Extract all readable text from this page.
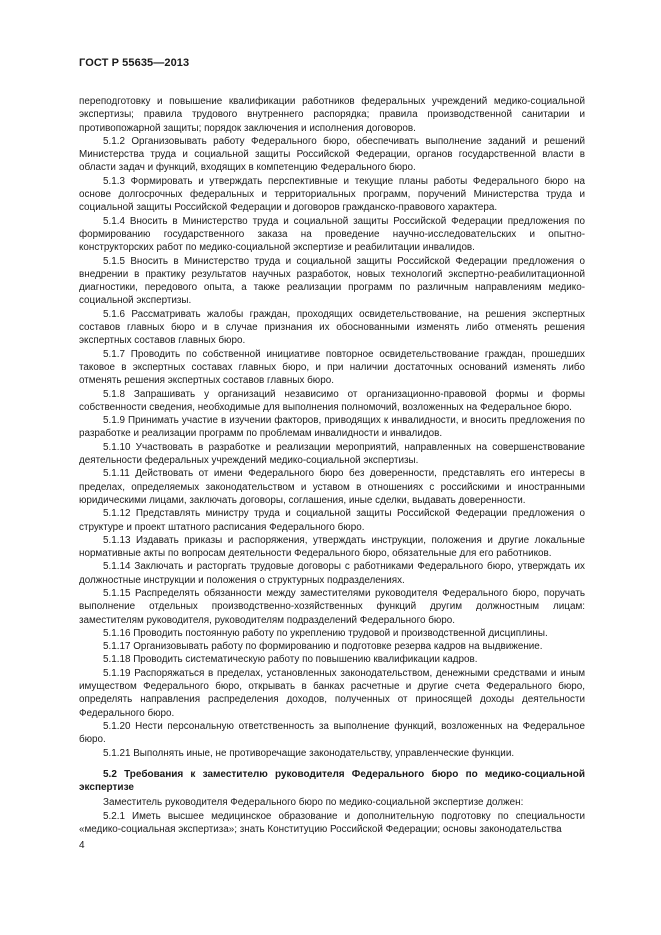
ГОСТ Р 55635—2013

переподготовку и повышение квалификации работников федеральных учреждений медико-социальной экспертизы; правила трудового внутреннего распорядка; правила производственной санитарии и противопожарной защиты; порядок заключения и исполнения договоров.

5.1.2 Организовывать работу Федерального бюро, обеспечивать выполнение заданий и решений Министерства труда и социальной защиты Российской Федерации, органов государственной власти в области задач и функций, входящих в компетенцию Федерального бюро.

5.1.3 Формировать и утверждать перспективные и текущие планы работы Федерального бюро на основе долгосрочных федеральных и территориальных программ, поручений Министерства труда и социальной защиты Российской Федерации и договоров гражданско-правового характера.

5.1.4 Вносить в Министерство труда и социальной защиты Российской Федерации предложения по формированию государственного заказа на проведение научно-исследовательских и опытно-конструкторских работ по медико-социальной экспертизе и реабилитации инвалидов.

5.1.5 Вносить в Министерство труда и социальной защиты Российской Федерации предложения о внедрении в практику результатов научных разработок, новых технологий экспертно-реабилитационной диагностики, передового опыта, а также реализации программ по различным направлениям медико-социальной экспертизы.

5.1.6 Рассматривать жалобы граждан, проходящих освидетельствование, на решения экспертных составов главных бюро и в случае признания их обоснованными изменять либо отменять решения экспертных составов главных бюро.

5.1.7 Проводить по собственной инициативе повторное освидетельствование граждан, прошедших таковое в экспертных составах главных бюро, и при наличии достаточных оснований изменять либо отменять решения экспертных составов главных бюро.

5.1.8 Запрашивать у организаций независимо от организационно-правовой формы и формы собственности сведения, необходимые для выполнения полномочий, возложенных на Федеральное бюро.

5.1.9 Принимать участие в изучении факторов, приводящих к инвалидности, и вносить предложения по разработке и реализации программ по проблемам инвалидности и инвалидов.

5.1.10 Участвовать в разработке и реализации мероприятий, направленных на совершенствование деятельности федеральных учреждений медико-социальной экспертизы.

5.1.11 Действовать от имени Федерального бюро без доверенности, представлять его интересы в пределах, определяемых законодательством и уставом в отношениях с российскими и иностранными юридическими лицами, заключать договоры, соглашения, иные сделки, выдавать доверенности.

5.1.12 Представлять министру труда и социальной защиты Российской Федерации предложения о структуре и проект штатного расписания Федерального бюро.

5.1.13 Издавать приказы и распоряжения, утверждать инструкции, положения и другие локальные нормативные акты по вопросам деятельности Федерального бюро, обязательные для его работников.

5.1.14 Заключать и расторгать трудовые договоры с работниками Федерального бюро, утверждать их должностные инструкции и положения о структурных подразделениях.

5.1.15 Распределять обязанности между заместителями руководителя Федерального бюро, поручать выполнение отдельных производственно-хозяйственных функций другим должностным лицам: заместителям руководителя, руководителям подразделений Федерального бюро.

5.1.16 Проводить постоянную работу по укреплению трудовой и производственной дисциплины.

5.1.17 Организовывать работу по формированию и подготовке резерва кадров на выдвижение.

5.1.18 Проводить систематическую работу по повышению квалификации кадров.

5.1.19 Распоряжаться в пределах, установленных законодательством, денежными средствами и иным имуществом Федерального бюро, открывать в банках расчетные и другие счета Федерального бюро, определять направления распределения доходов, полученных от приносящей доходы деятельности Федерального бюро.

5.1.20 Нести персональную ответственность за выполнение функций, возложенных на Федеральное бюро.

5.1.21 Выполнять иные, не противоречащие законодательству, управленческие функции.

5.2 Требования к заместителю руководителя Федерального бюро по медико-социальной экспертизе

Заместитель руководителя Федерального бюро по медико-социальной экспертизе должен:

5.2.1 Иметь высшее медицинское образование и дополнительную подготовку по специальности «медико-социальная экспертиза»; знать Конституцию Российской Федерации; основы законодательства

4
